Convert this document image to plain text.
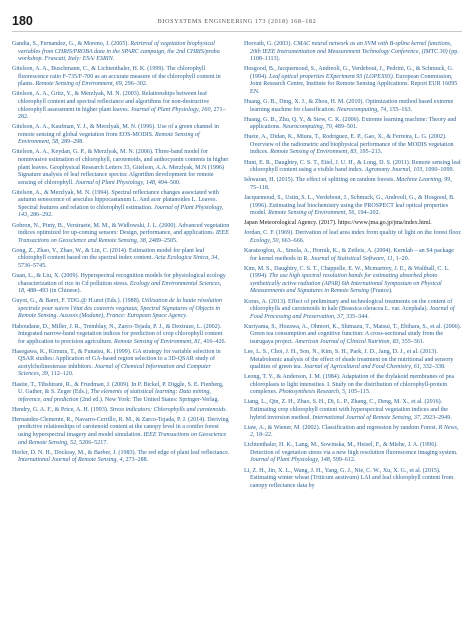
180	BIOSYSTEMS ENGINEERING 173 (2018) 168–182

Gandia, S., Fernandez, G., & Moreno, J. (2005). Retrieval of vegetation biophysical variables from CHRIS/PROBA data in the SPARC campaign, the 2nd CHRIS/proba workshop. Frascati, Italy: ESA/ ESRIN.

Gitelson, A. A., Buschmann, C., & Lichtenthaler, H. K. (1999). The chlorophyll fluorescence ratio F-735/F-700 as an accurate measure of the chlorophyll content in plants. Remote Sensing of Environment, 69, 296–302.

Gitelson, A. A., Gritz, Y., & Merzlyak, M. N. (2003). Relationships between leaf chlorophyll content and spectral reflectance and algorithms for non-destructive chlorophyll assessment in higher plant leaves. Journal of Plant Physiology, 160, 271–282.

Gitelson, A. A., Kaufman, Y. J., & Merzlyak, M. N. (1996). Use of a green channel in remote sensing of global vegetation from EOS-MODIS. Remote Sensing of Environment, 58, 289–298.

Gitelson, A. A., Keydan, G. P., & Merzlyak, M. N. (2006). Three-band model for noninvasive estimation of chlorophyll, carotenoids, and anthocyanin contents in higher plant leaves. Geophysical Research Letters 33, Gitelson, A.A. Merzlyak, M.N (1996) Signature analysis of leaf reflectance spectra: Algorithm development for remote sensing of chlorophyll. Journal of Plant Physiology, 148, 494–500.

Gitelson, A., & Merzlyak, M. N. (1994). Spectral reflectance changes associated with autumn senescence of aesculus hippocastanum L. And acer platanoides L. Leaves. Spectral features and relation to chlorophyll estimation. Journal of Plant Physiology, 143, 286–292.

Gobron, N., Pinty, B., Verstraete, M. M., & Widlowski, J. L. (2000). Advanced vegetation indices optimized for up-coming sensors: Design, performance, and applications. IEEE Transactions on Geoscience and Remote Sensing, 38, 2489–2505.

Gong, Z., Zhao, Y., Zhao, W., & Lin, C. (2014). Estimation model for plant leaf chlorophyll content based on the spectral index content. Acta Ecologica Sinica, 34, 5736–5745.

Guan, L., & Liu, X. (2009). Hyperspectral recognition models for physiological ecology characterization of rice in Cd pollution stress. Ecology and Environmental Sciences, 18, 488–493 (in Chinese).

Guyot, G., & Baret, F. TDG.@ H.uret (Eds.). (1988). Utilisation de la haute résolution spectrale pour suivre l'état des couverts vegetaux, Spectral Signatures of Objects in Remote Sensing. Aussois (Modane), France: European Space Agency.

Haboudane, D., Miller, J. R., Tremblay, N., Zarco-Tejada, P. J., & Dextraze, L. (2002). Integrated narrow-band vegetation indices for prediction of crop chlorophyll content for application to precision agriculture. Remote Sensing of Environment, 81, 416–426.

Hasegawa, K., Kimura, T., & Funatsu, K. (1999). GA strategy for variable selection in QSAR studies: Application of GA-based region selection to a 3D-QSAR study of acetylcholinesterase inhibitors. Journal of Chemical Information and Computer Sciences, 39, 112–120.

Hastie, T., Tibshirani, R., & Friedman, J. (2009). In P. Bickel, P. Diggle, S. E. Fienberg, U. Gather, & S. Zeger (Eds.), The elements of statistical learning: Data mining, inference, and prediction (2nd ed.). New York: The United States: Springer-Verlag.

Hendry, G. A. F., & Price, A. H. (1993). Stress indicators: Chlorophylls and carotenoids.

Hernandez-Clemente, R., Navarro-Cerrillo, R. M., & Zarco-Tejada, P. J. (2014). Deriving predictive relationships of carotenoid content at the canopy level in a conifer forest using hyperspectral imagery and model simulation. IEEE Transactions on Geoscience and Remote Sensing, 52, 5206–5217.

Horler, D. N. H., Dockray, M., & Barber, J. (1983). The red edge of plant leaf reflectance. International Journal of Remote Sensing, 4, 273–288.

Horvath, G. (2003). CMAC neural network as an SVM with B-spline kernel functions, 20th IEEE Instrumentation and Measurement Technology Conference, (IMTC 30) (pp. 1108–1113).

Hosgood, B., Jacquemoud, S., Andreoli, G., Verdebout, J., Pedrini, G., & Schmuck, G. (1994). Leaf optical properties EXperiment 93 (LOPEX93). European Commission, Joint Research Centre, Institute for Remote Sensing Applications. Report EUR 16095 EN.

Huang, G. B., Ding, X. J., & Zhou, H. M. (2010). Optimization method based extreme learning machine for classification. Neurocomputing, 74, 155–163.

Huang, G. B., Zhu, Q. Y., & Siew, C. K. (2006). Extreme learning machine: Theory and applications. Neurocomputing, 70, 489–501.

Huete, A., Didan, K., Miura, T., Rodriguez, E. P., Gao, X., & Ferreira, L. G. (2002). Overview of the radiometric and biophysical performance of the MODIS vegetation indices. Remote Sensing of Environment, 83, 195–213.

Hunt, E. R., Daughtry, C. S. T., Eitel, J. U. H., & Long, D. S. (2011). Remote sensing leaf chlorophyll content using a visible band index. Agronomy Journal, 103, 1090–1099.

Ishwaran, H. (2015). The effect of splitting on random forests. Machine Learning, 99, 75–118.

Jacquemoud, S., Ustin, S. L., Verdebout, J., Schmuck, G., Andreoli, G., & Hosgood, B. (1996). Estimating leaf biochemistry using the PROSPECT leaf optical properties model. Remote Sensing of Environment, 56, 194–202.

Japan Meteorological Agency. (2017). https://www.jma.go.jp/jma/index.html.

Jordan, C. F. (1969). Derivation of leaf area index from quality of light on the forest floor. Ecology, 50, 663–666.

Karatzoglou, A., Smola, A., Hornik, K., & Zeileis, A. (2004). Kernlab – an S4 package for kernel methods in R. Journal of Statistical Software, 11, 1–20.

Kim, M. S., Daughtry, C. S. T., Chappelle, E. W., Mcmurtrey, J. E., & Walthall, C. L. (1994). The use high spectral resolution bands for estimating absorbed photo synthetically active radiation (APAR) 6th International Symposium on Physical Measurements and Signatures in Remote Sensing (France).

Korus, A. (2013). Effect of preliminary and technological treatments on the content of chlorophylls and carotenoids in kale (Brassica oleracea L. var. Acephala). Journal of Food Processing and Preservation, 37, 335–344.

Kuriyama, S., Hozawa, A., Ohmori, K., Shimazu, T., Matsui, T., Ebihara, S., et al. (2006). Green tea consumption and cognitive function: A cross-sectional study from the tsurugaya project. American Journal of Clinical Nutrition, 83, 355–361.

Lee, L. S., Choi, J. H., Son, N., Kim, S. H., Park, J. D., Jang, D. J., et al. (2013). Metabolomic analysis of the effect of shade treatment on the nutritional and sensory qualities of green tea. Journal of Agricultural and Food Chemistry, 61, 332–338.

Leong, T. Y., & Anderson, J. M. (1984). Adaptation of the thylakoid membranes of pea chloroplasts to light intensities. I. Study on the distribution of chlorophyll-protein complexes. Photosynthesis Research, 5, 105–115.

Liang, L., Qin, Z. H., Zhao, S. H., Di, L. P., Zhang, C., Deng, M. X., et al. (2016). Estimating crop chlorophyll content with hyperspectral vegetation indices and the hybrid inversion method. International Journal of Remote Sensing, 37, 2923–2949.

Liaw, A., & Wiener, M. (2002). Classification and regression by random Forest. R News, 2, 18–22.

Lichtenthaler, H. K., Lang, M., Sowinska, M., Heisel, F., & Miehe, J. A. (1996). Detection of vegetation stress via a new high resolution fluorescence imaging system. Journal of Plant Physiology, 148, 599–612.

Li, Z. H., Jin, X. L., Wang, J. H., Yang, G. J., Nie, C. W., Xu, X. G., et al. (2015). Estimating winter wheat (Triticum aestivum) LAI and leaf chlorophyll content from canopy reflectance data by
